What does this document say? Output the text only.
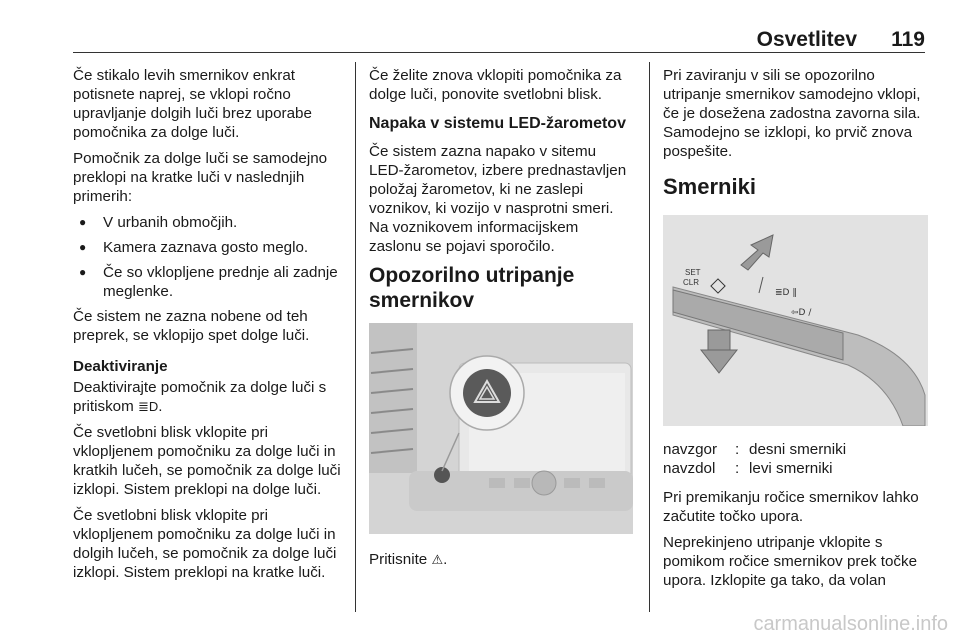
Osvetlitev 119

Če stikalo levih smernikov enkrat potisnete naprej, se vklopi ročno upravljanje dolgih luči brez uporabe pomočnika za dolge luči.

Pomočnik za dolge luči se samodejno preklopi na kratke luči v naslednjih primerih:

● V urbanih območjih.
● Kamera zaznava gosto meglo.
● Če so vklopljene prednje ali zadnje meglenke.

Če sistem ne zazna nobene od teh preprek, se vklopijo spet dolge luči.

Deaktiviranje

Deaktivirajte pomočnik za dolge luči s pritiskom ≣D.

Če svetlobni blisk vklopite pri vklopljenem pomočniku za dolge luči in kratkih lučeh, se pomočnik za dolge luči izklopi. Sistem preklopi na dolge luči.

Če svetlobni blisk vklopite pri vklopljenem pomočniku za dolge luči in dolgih lučeh, se pomočnik za dolge luči izklopi. Sistem preklopi na kratke luči.

Če želite znova vklopiti pomočnika za dolge luči, ponovite svetlobni blisk.

Napaka v sistemu LED-žarometov

Če sistem zazna napako v sitemu LED-žarometov, izbere prednastavljen položaj žarometov, ki ne zaslepi voznikov, ki vozijo v nasprotni smeri. Na voznikovem informacijskem zaslonu se pojavi sporočilo.

Opozorilno utripanje smernikov

Pritisnite ⚠.

Pri zaviranju v sili se opozorilno utripanje smernikov samodejno vklopi, če je dosežena zadostna zavorna sila. Samodejno se izklopi, ko prvič znova pospešite.

Smerniki
SET
CLR
≣D ‖
⇦D /
navzgor	: desni smerniki
navzdol	: levi smerniki

Pri premikanju ročice smernikov lahko začutite točko upora.

Neprekinjeno utripanje vklopite s pomikom ročice smernikov prek točke upora. Izklopite ga tako, da volan

carmanualsonline.info
